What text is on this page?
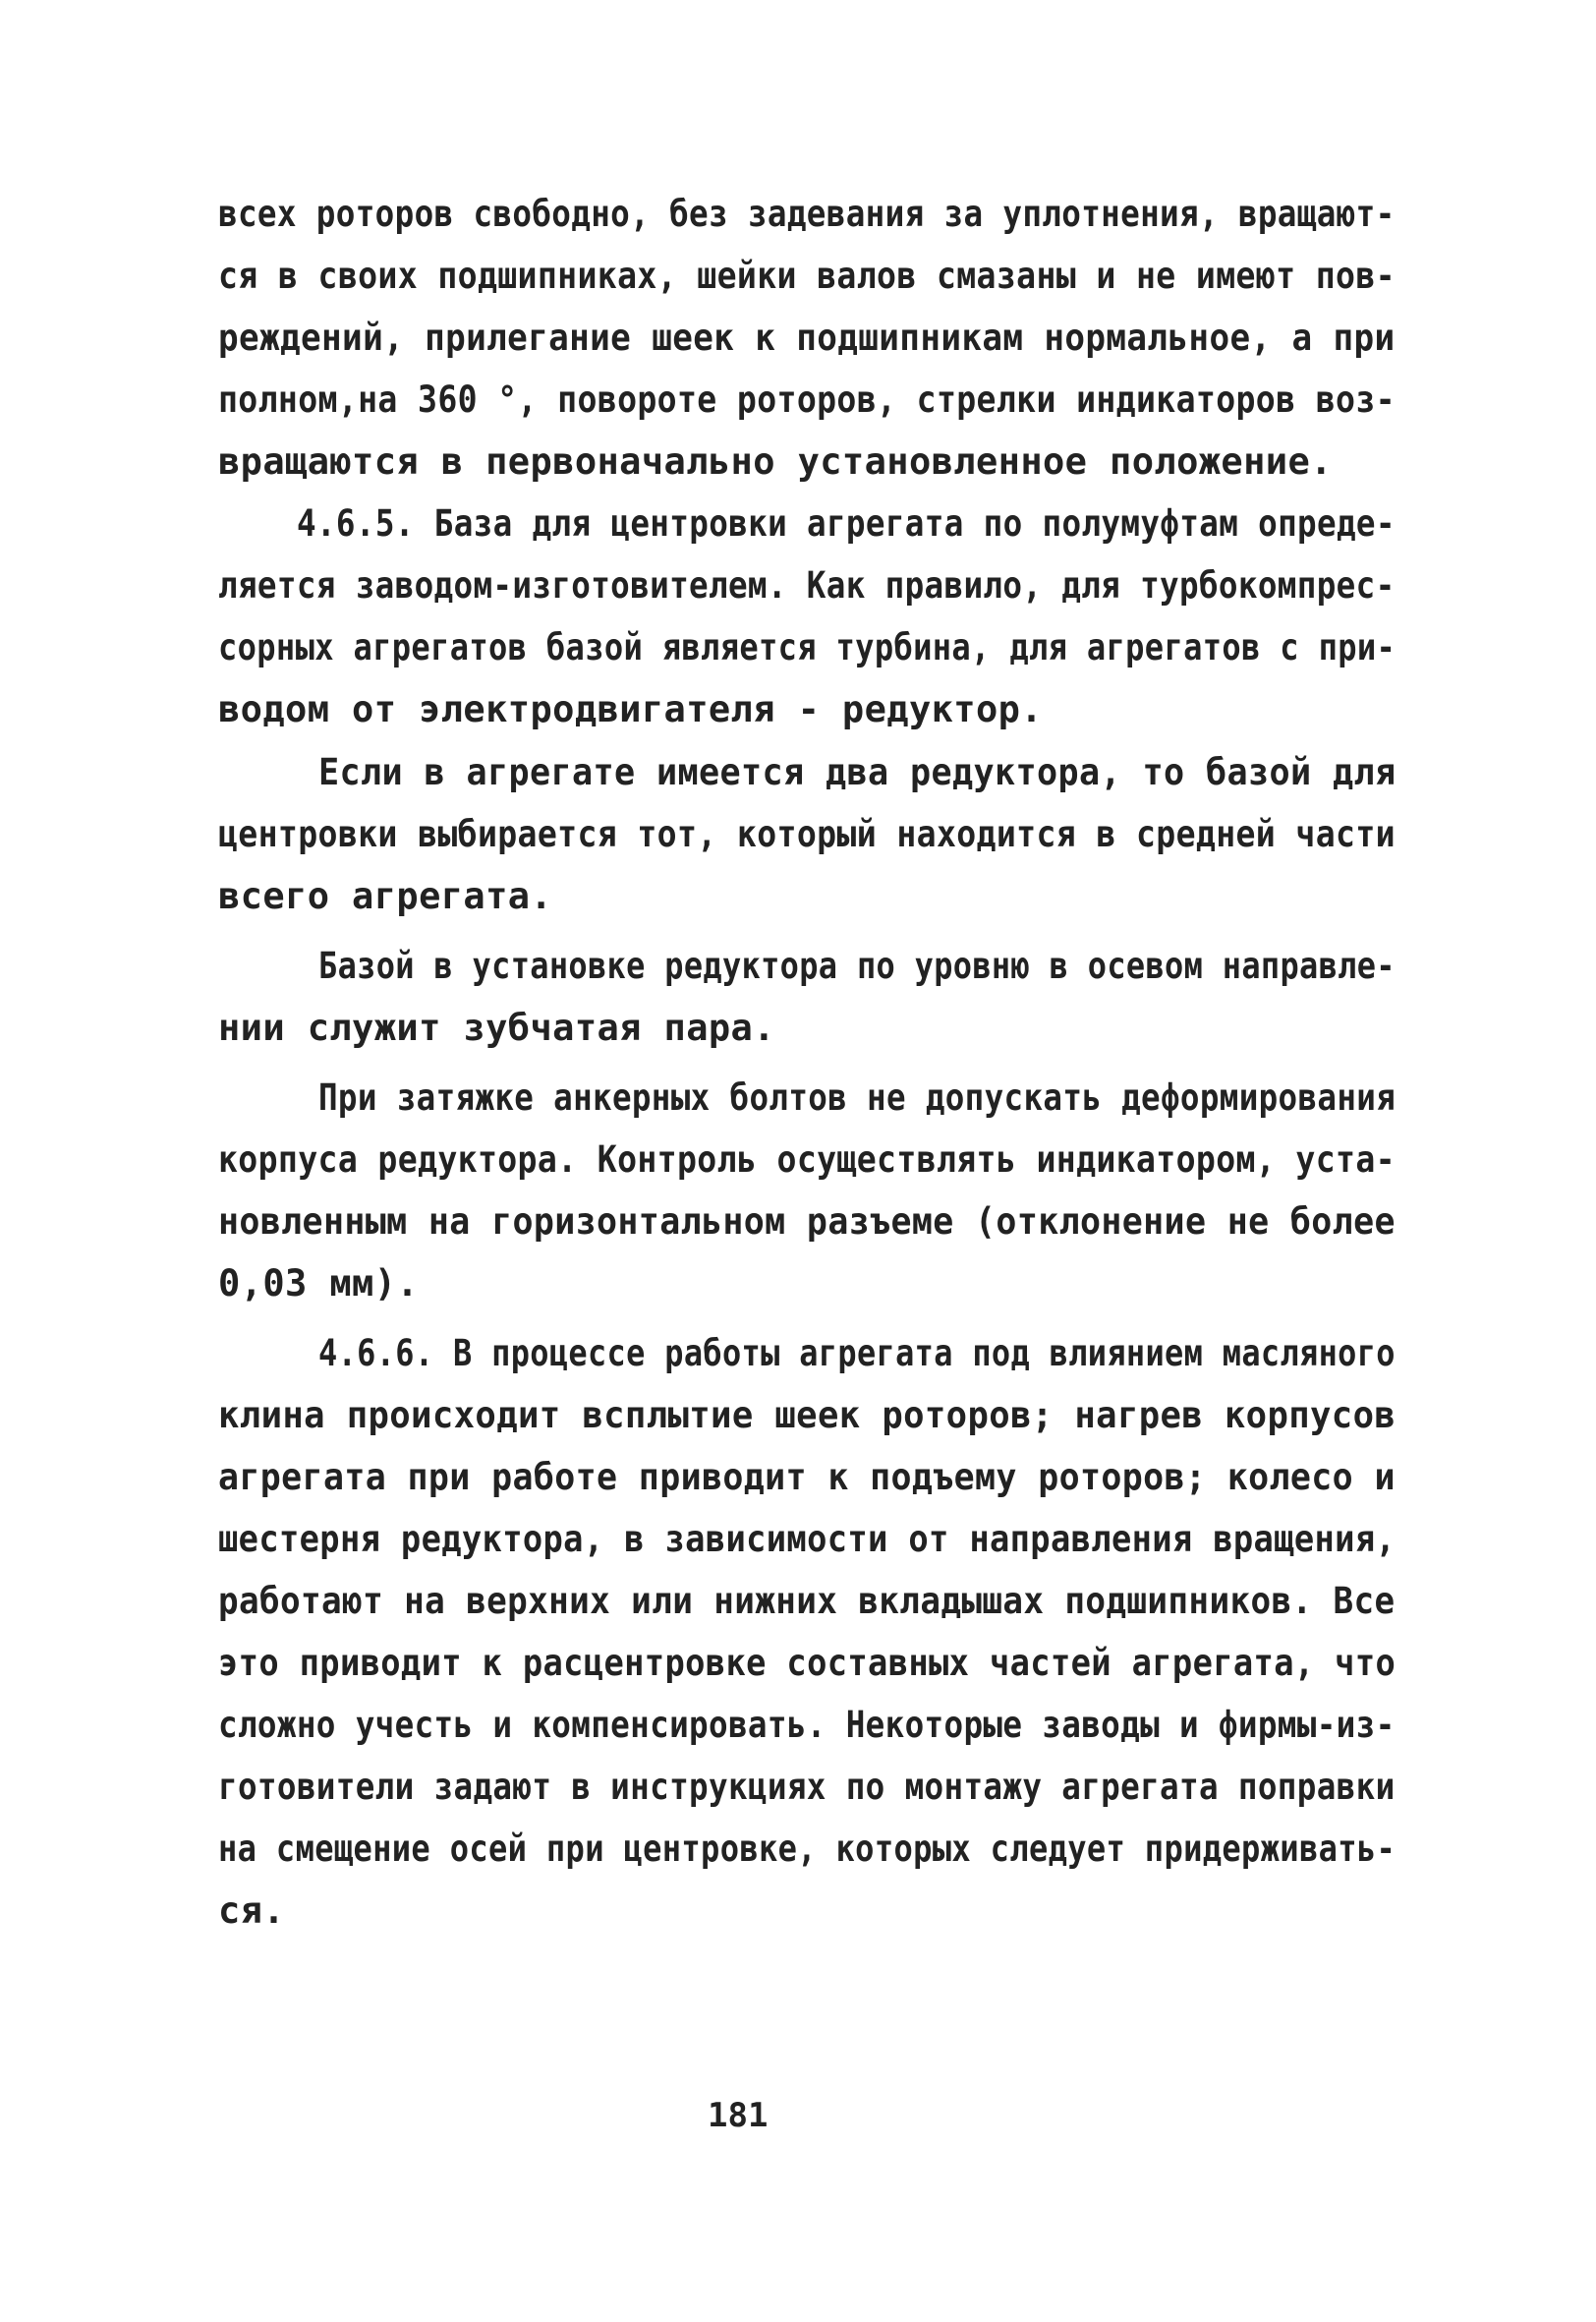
всех роторов свободно, без задевания за уплотнения, вращают-
ся в своих подшипниках, шейки валов смазаны и не имеют пов-
реждений, прилегание шеек к подшипникам нормальное, а при
полном,на 360 °, повороте роторов, стрелки индикаторов воз-
вращаются в первоначально установленное положение.
4.6.5. База для центровки агрегата по полумуфтам опреде-
ляется заводом-изготовителем. Как правило, для турбокомпрес-
сорных агрегатов базой является турбина, для агрегатов с при-
водом от электродвигателя - редуктор.
Если в агрегате имеется два редуктора, то базой для
центровки выбирается тот, который находится в средней части
всего агрегата.
Базой в установке редуктора по уровню в осевом направле-
нии служит зубчатая пара.
При затяжке анкерных болтов не допускать деформирования
корпуса редуктора. Контроль осуществлять индикатором, уста-
новленным на горизонтальном разъеме (отклонение не более
0,03 мм).
4.6.6. В процессе работы агрегата под влиянием масляного
клина происходит всплытие шеек роторов; нагрев корпусов
агрегата при работе приводит к подъему роторов; колесо и
шестерня редуктора, в зависимости от направления вращения,
работают на верхних или нижних вкладышах подшипников. Все
это приводит к расцентровке составных частей агрегата, что
сложно учесть и компенсировать. Некоторые заводы и фирмы-из-
готовители задают в инструкциях по монтажу агрегата поправки
на смещение осей при центровке, которых следует придерживать-
ся.
181
